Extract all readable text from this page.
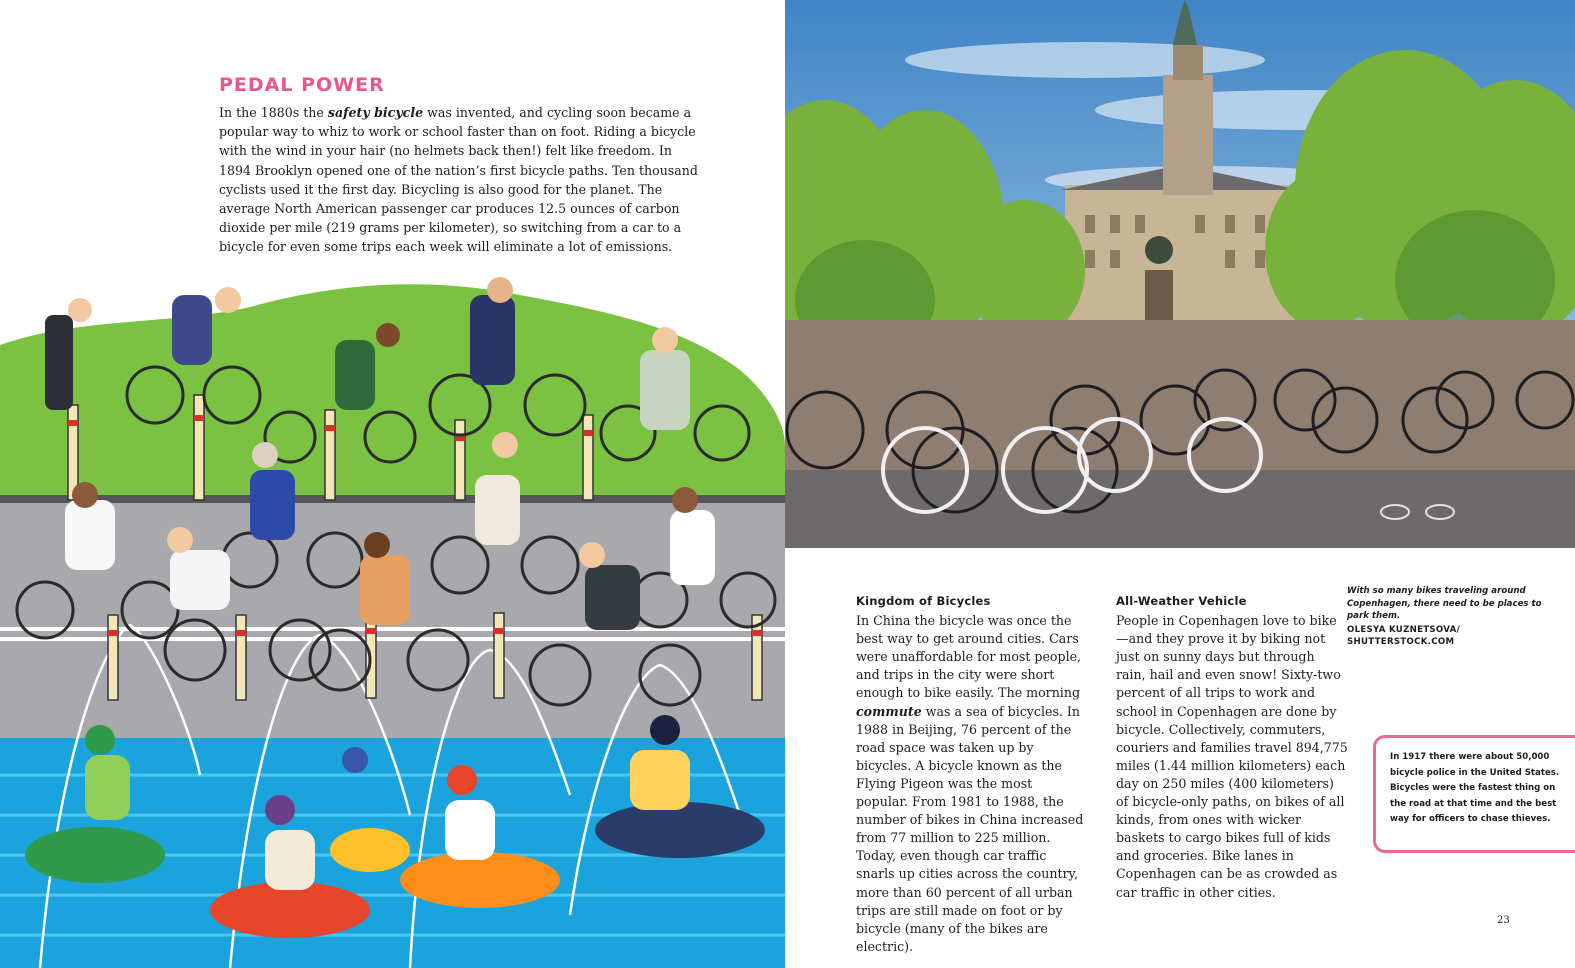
PEDAL POWER

In the 1880s the safety bicycle was invented, and cycling soon became a popular way to whiz to work or school faster than on foot. Riding a bicycle with the wind in your hair (no helmets back then!) felt like freedom. In 1894 Brooklyn opened one of the nation’s first bicycle paths. Ten thousand cyclists used it the first day. Bicycling is also good for the planet. The average North American passenger car produces 12.5 ounces of carbon dioxide per mile (219 grams per kilometer), so switching from a car to a bicycle for even some trips each week will eliminate a lot of emissions.

Kingdom of Bicycles

In China the bicycle was once the best way to get around cities. Cars were unaffordable for most people, and trips in the city were short enough to bike easily. The morning commute was a sea of bicycles. In 1988 in Beijing, 76 percent of the road space was taken up by bicycles. A bicycle known as the Flying Pigeon was the most popular. From 1981 to 1988, the number of bikes in China increased from 77 million to 225 million. Today, even though car traffic snarls up cities across the country, more than 60 percent of all urban trips are still made on foot or by bicycle (many of the bikes are electric).

All-Weather Vehicle

People in Copenhagen love to bike—and they prove it by biking not just on sunny days but through rain, hail and even snow! Sixty-two percent of all trips to work and school in Copenhagen are done by bicycle. Collectively, commuters, couriers and families travel 894,775 miles (1.44 million kilometers) each day on 250 miles (400 kilometers) of bicycle-only paths, on bikes of all kinds, from ones with wicker baskets to cargo bikes full of kids and groceries. Bike lanes in Copenhagen can be as crowded as car traffic in other cities.

With so many bikes traveling around Copenhagen, there need to be places to park them.
OLESYA KUZNETSOVA/ SHUTTERSTOCK.COM
In 1917 there were about 50,000 bicycle police in the United States. Bicycles were the fastest thing on the road at that time and the best way for officers to chase thieves.
23
